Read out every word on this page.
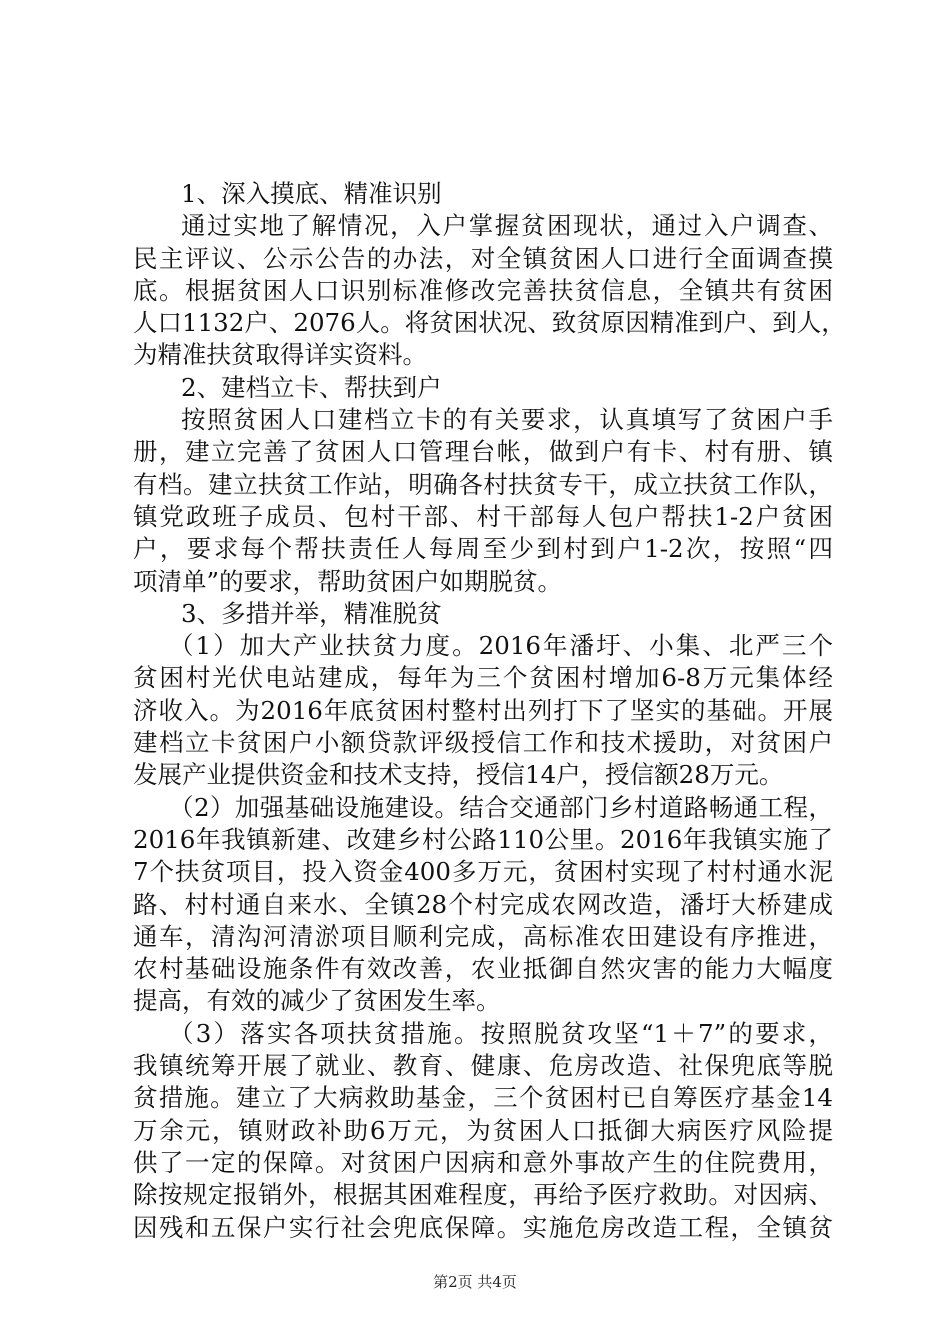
1、深入摸底、精准识别
通过实地了解情况，入户掌握贫困现状，通过入户调查、
民主评议、公示公告的办法，对全镇贫困人口进行全面调查摸
底。根据贫困人口识别标准修改完善扶贫信息，全镇共有贫困
人口1132户、2076人。将贫困状况、致贫原因精准到户、到人，
为精准扶贫取得详实资料。
2、建档立卡、帮扶到户
按照贫困人口建档立卡的有关要求，认真填写了贫困户手
册，建立完善了贫困人口管理台帐，做到户有卡、村有册、镇
有档。建立扶贫工作站，明确各村扶贫专干，成立扶贫工作队，
镇党政班子成员、包村干部、村干部每人包户帮扶1-2户贫困
户，要求每个帮扶责任人每周至少到村到户1-2次，按照“四
项清单”的要求，帮助贫困户如期脱贫。
3、多措并举，精准脱贫
（1）加大产业扶贫力度。2016年潘圩、小集、北严三个
贫困村光伏电站建成，每年为三个贫困村增加6-8万元集体经
济收入。为2016年底贫困村整村出列打下了坚实的基础。开展
建档立卡贫困户小额贷款评级授信工作和技术援助，对贫困户
发展产业提供资金和技术支持，授信14户，授信额28万元。
（2）加强基础设施建设。结合交通部门乡村道路畅通工程，
2016年我镇新建、改建乡村公路110公里。2016年我镇实施了
7个扶贫项目，投入资金400多万元，贫困村实现了村村通水泥
路、村村通自来水、全镇28个村完成农网改造，潘圩大桥建成
通车，清沟河清淤项目顺利完成，高标准农田建设有序推进，
农村基础设施条件有效改善，农业抵御自然灾害的能力大幅度
提高，有效的减少了贫困发生率。
（3）落实各项扶贫措施。按照脱贫攻坚“1＋7”的要求，
我镇统筹开展了就业、教育、健康、危房改造、社保兜底等脱
贫措施。建立了大病救助基金，三个贫困村已自筹医疗基金14
万余元，镇财政补助6万元，为贫困人口抵御大病医疗风险提
供了一定的保障。对贫困户因病和意外事故产生的住院费用，
除按规定报销外，根据其困难程度，再给予医疗救助。对因病、
因残和五保户实行社会兜底保障。实施危房改造工程，全镇贫
第2页 共4页
